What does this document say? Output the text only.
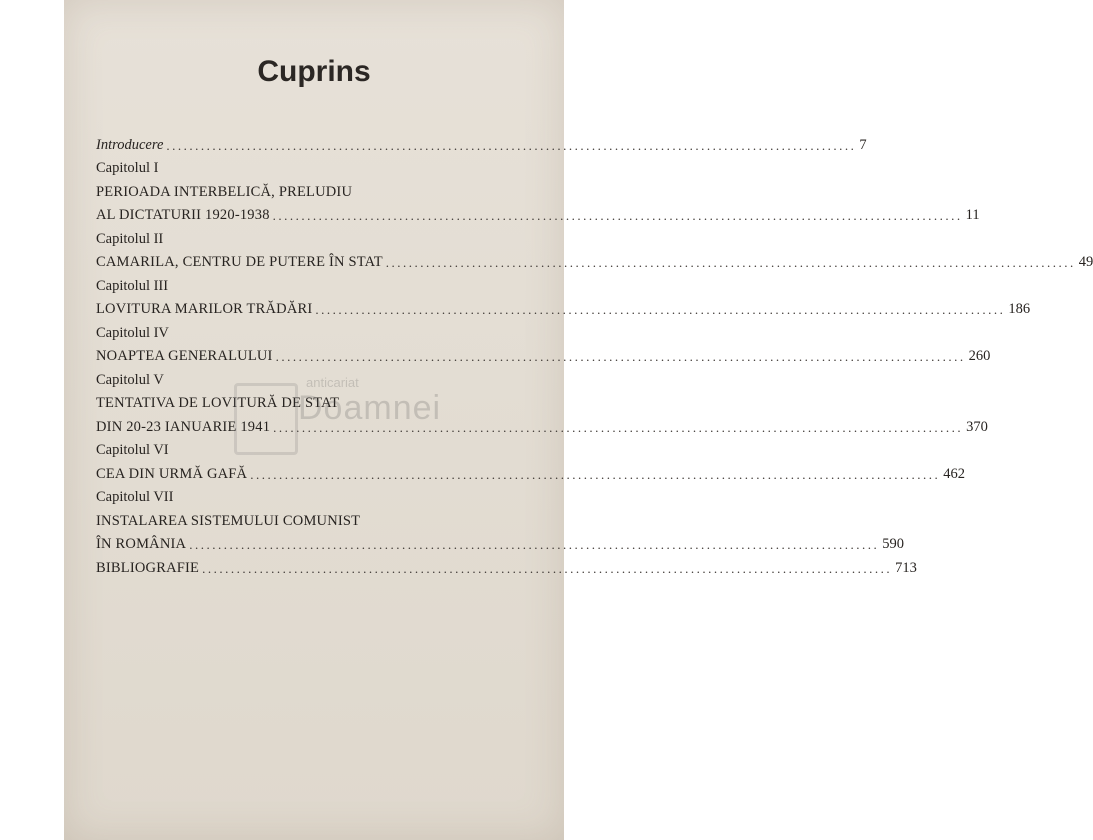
Cuprins
Introducere ........................................................................................................................ 7
Capitolul I
PERIOADA INTERBELICĂ, PRELUDIU
AL DICTATURII 1920-1938 ........................................................................................................................ 11
Capitolul II
CAMARILA, CENTRU DE PUTERE ÎN STAT ........................................................................................................................ 49
Capitolul III
LOVITURA MARILOR TRĂDĂRI ........................................................................................................................ 186
Capitolul IV
NOAPTEA GENERALULUI ........................................................................................................................ 260
Capitolul V
TENTATIVA DE LOVITURĂ DE STAT
DIN 20-23 IANUARIE 1941 ........................................................................................................................ 370
Capitolul VI
CEA DIN URMĂ GAFĂ ........................................................................................................................ 462
Capitolul VII
INSTALAREA SISTEMULUI COMUNIST
ÎN ROMÂNIA ........................................................................................................................ 590
BIBLIOGRAFIE ........................................................................................................................ 713
anticariat
Doamnei
